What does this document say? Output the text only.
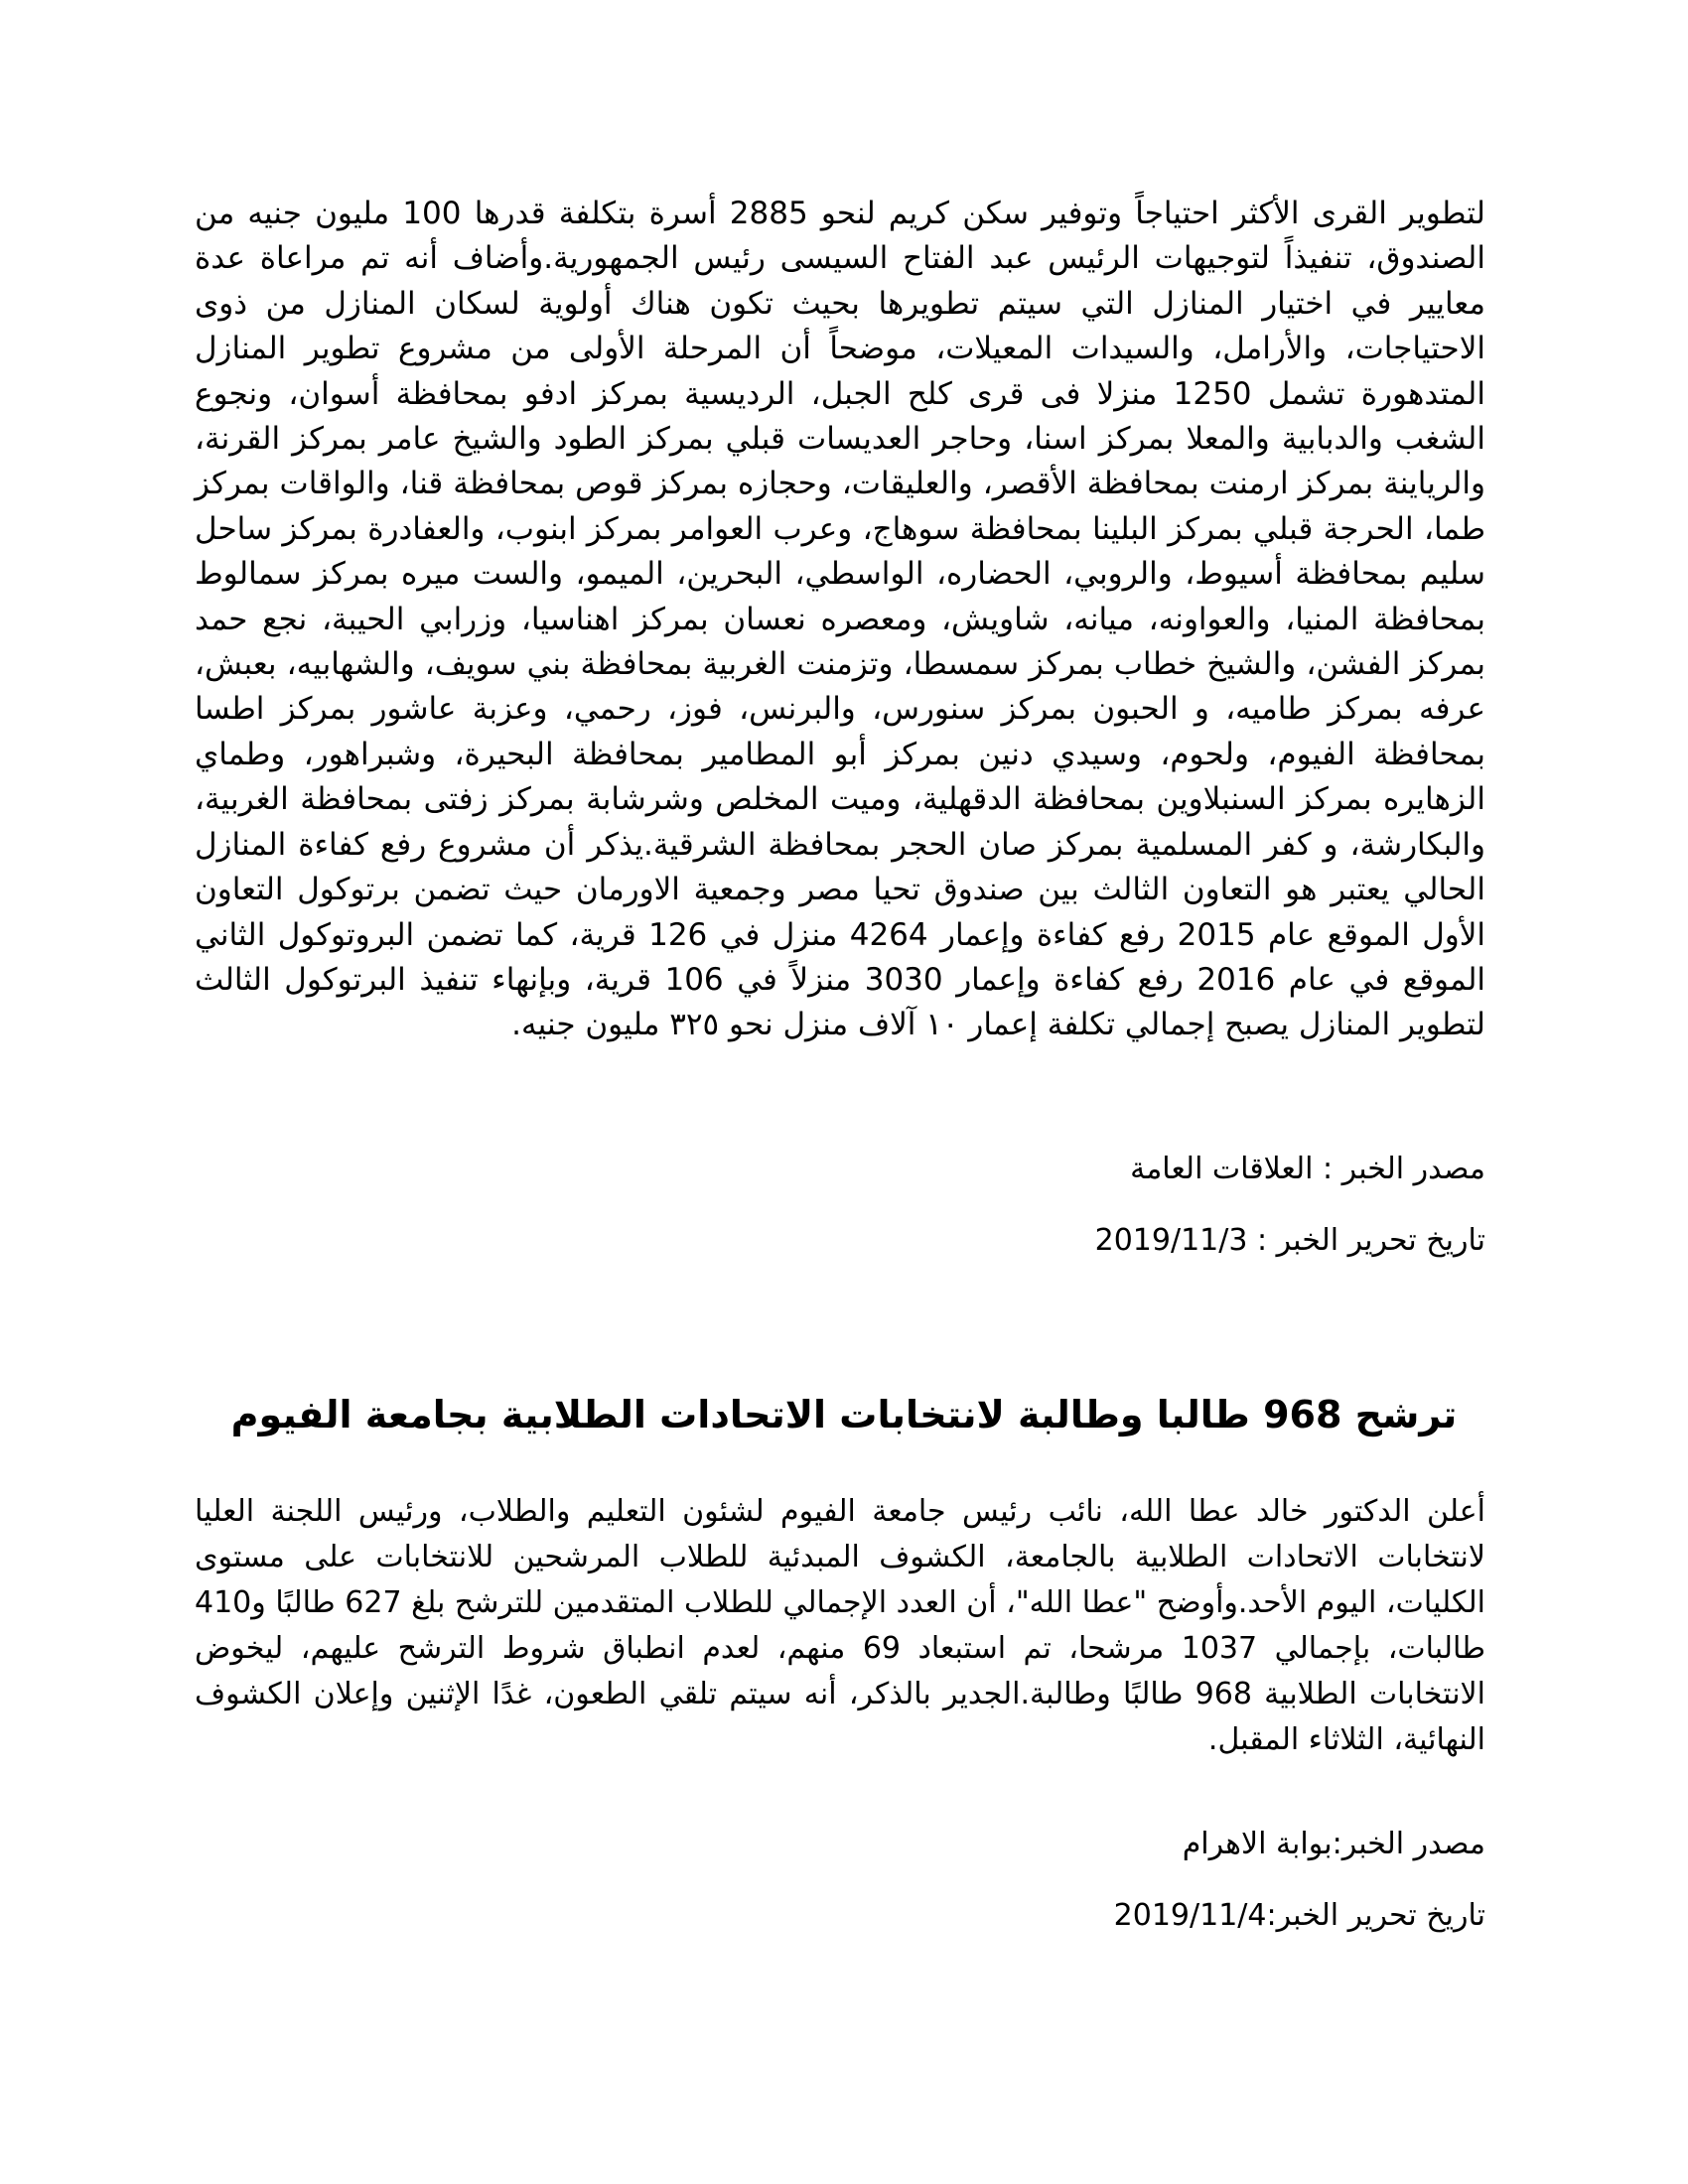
لتطوير القرى الأكثر احتياجاً وتوفير سكن كريم لنحو 2885 أسرة بتكلفة قدرها 100 مليون جنيه من الصندوق، تنفيذاً لتوجيهات الرئيس عبد الفتاح السيسى رئيس الجمهورية.وأضاف أنه تم مراعاة عدة معايير في اختيار المنازل التي سيتم تطويرها بحيث تكون هناك أولوية لسكان المنازل من ذوى الاحتياجات، والأرامل، والسيدات المعيلات، موضحاً أن المرحلة الأولى من مشروع تطوير المنازل المتدهورة تشمل 1250 منزلا فى قرى كلح الجبل، الرديسية بمركز ادفو بمحافظة أسوان، ونجوع الشغب والدبابية والمعلا بمركز اسنا، وحاجر العديسات قبلي بمركز الطود والشيخ عامر بمركز القرنة، والرياينة بمركز ارمنت بمحافظة الأقصر، والعليقات، وحجازه بمركز قوص بمحافظة قنا، والواقات بمركز طما، الحرجة قبلي بمركز البلينا بمحافظة سوهاج، وعرب العوامر بمركز ابنوب، والعفادرة بمركز ساحل سليم بمحافظة أسيوط، والروبي، الحضاره، الواسطي، البحرين، الميمو، والست ميره بمركز سمالوط بمحافظة المنيا، والعواونه، ميانه، شاويش، ومعصره نعسان بمركز اهناسيا، وزرابي الحيبة، نجع حمد بمركز الفشن، والشيخ خطاب بمركز سمسطا، وتزمنت الغربية بمحافظة بني سويف، والشهابيه، بعبش، عرفه بمركز طاميه، و الحبون بمركز سنورس، والبرنس، فوز، رحمي، وعزبة عاشور بمركز اطسا بمحافظة الفيوم، ولحوم، وسيدي دنين بمركز أبو المطامير بمحافظة البحيرة، وشبراهور، وطماي الزهايره بمركز السنبلاوين بمحافظة الدقهلية، وميت المخلص وشرشابة بمركز زفتى بمحافظة الغربية، والبكارشة، و كفر المسلمية بمركز صان الحجر بمحافظة الشرقية.يذكر أن مشروع رفع كفاءة المنازل الحالي يعتبر هو التعاون الثالث بين صندوق تحيا مصر وجمعية الاورمان حيث تضمن برتوكول التعاون الأول الموقع عام 2015 رفع كفاءة وإعمار 4264 منزل في 126 قرية، كما تضمن البروتوكول الثاني الموقع في عام 2016 رفع كفاءة وإعمار 3030 منزلاً في 106 قرية، وبإنهاء تنفيذ البرتوكول الثالث لتطوير المنازل يصبح إجمالي تكلفة إعمار ١٠ آلاف منزل نحو ٣٢٥ مليون جنيه.

مصدر الخبر : العلاقات العامة

تاريخ تحرير الخبر : 2019/11/3

ترشح 968 طالبا وطالبة لانتخابات الاتحادات الطلابية بجامعة الفيوم

أعلن الدكتور خالد عطا الله، نائب رئيس جامعة الفيوم لشئون التعليم والطلاب، ورئيس اللجنة العليا لانتخابات الاتحادات الطلابية بالجامعة، الكشوف المبدئية للطلاب المرشحين للانتخابات على مستوى الكليات، اليوم الأحد.وأوضح "عطا الله"، أن العدد الإجمالي للطلاب المتقدمين للترشح بلغ 627 طالبًا و410 طالبات، بإجمالي 1037 مرشحا، تم استبعاد 69 منهم، لعدم انطباق شروط الترشح عليهم، ليخوض الانتخابات الطلابية 968 طالبًا وطالبة.الجدير بالذكر، أنه سيتم تلقي الطعون، غدًا الإثنين وإعلان الكشوف النهائية، الثلاثاء المقبل.

مصدر الخبر:بوابة الاهرام

تاريخ تحرير الخبر:2019/11/4
